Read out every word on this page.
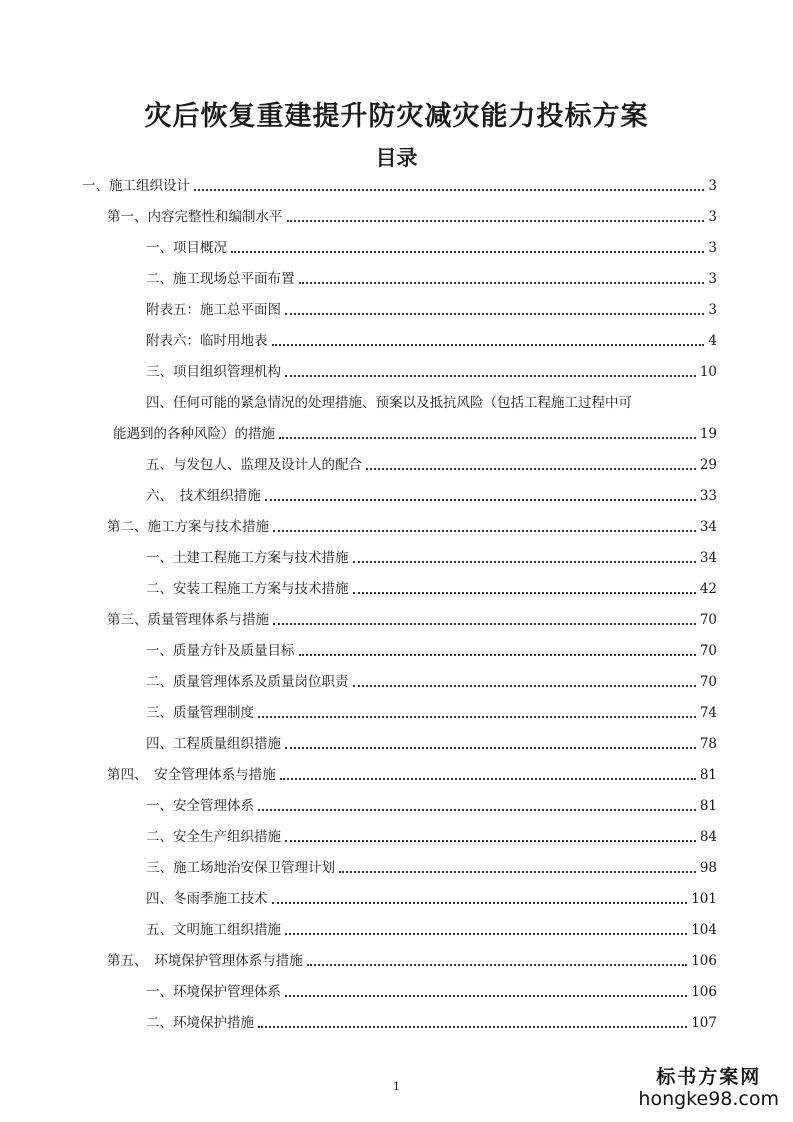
灾后恢复重建提升防灾减灾能力投标方案
目录
一、施工组织设计	3
第一、内容完整性和编制水平	3
一、项目概况	3
二、施工现场总平面布置	3
附表五：施工总平面图	3
附表六：临时用地表	4
三、项目组织管理机构	10
四、任何可能的紧急情况的处理措施、预案以及抵抗风险（包括工程施工过程中可
能遇到的各种风险）的措施	19
五、与发包人、监理及设计人的配合	29
六、　技术组织措施	33
第二、施工方案与技术措施	34
一、土建工程施工方案与技术措施	34
二、安装工程施工方案与技术措施	42
第三、质量管理体系与措施	70
一、质量方针及质量目标	70
二、质量管理体系及质量岗位职责	70
三、质量管理制度	74
四、工程质量组织措施	78
第四、　安全管理体系与措施	81
一、安全管理体系	81
二、安全生产组织措施	84
三、施工场地治安保卫管理计划	98
四、冬雨季施工技术	101
五、文明施工组织措施	104
第五、　环境保护管理体系与措施	106
一、环境保护管理体系	106
二、环境保护措施	107
1	标书方案网
hongke98.com
